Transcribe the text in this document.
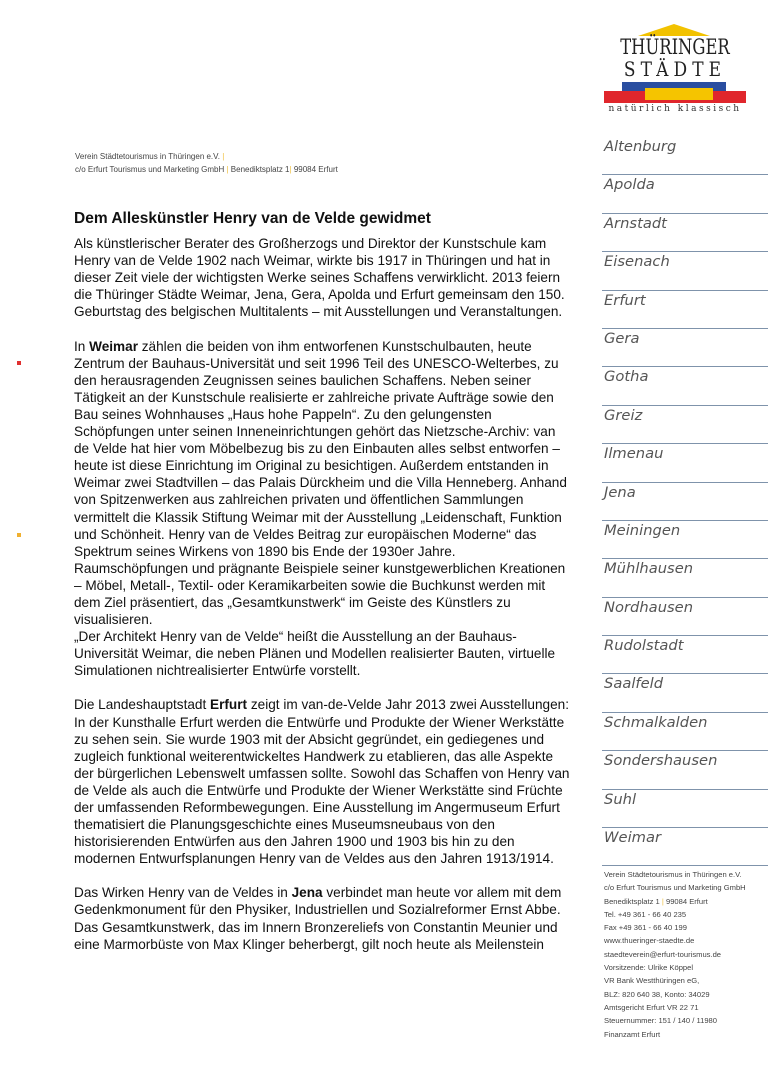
THÜRINGER
STÄDTE
natürlich klassisch
Verein Städtetourismus in Thüringen e.V. |
c/o Erfurt Tourismus und Marketing GmbH | Benediktsplatz 1| 99084 Erfurt
Dem Alleskünstler Henry van de Velde gewidmet

Als künstlerischer Berater des Großherzogs und Direktor der Kunstschule kam Henry van de Velde 1902 nach Weimar, wirkte bis 1917 in Thüringen und hat in dieser Zeit viele der wichtigsten Werke seines Schaffens verwirklicht. 2013 feiern die Thüringer Städte Weimar, Jena, Gera, Apolda und Erfurt gemeinsam den 150. Geburtstag des belgischen Multitalents – mit Ausstellungen und Veranstaltungen.

In Weimar zählen die beiden von ihm entworfenen Kunstschulbauten, heute Zentrum der Bauhaus-Universität und seit 1996 Teil des UNESCO-Welterbes, zu den herausragenden Zeugnissen seines baulichen Schaffens. Neben seiner Tätigkeit an der Kunstschule realisierte er zahlreiche private Aufträge sowie den Bau seines Wohnhauses „Haus hohe Pappeln“. Zu den gelungensten Schöpfungen unter seinen Inneneinrichtungen gehört das Nietzsche-Archiv: van de Velde hat hier vom Möbelbezug bis zu den Einbauten alles selbst entworfen – heute ist diese Einrichtung im Original zu besichtigen. Außerdem entstanden in Weimar zwei Stadtvillen – das Palais Dürckheim und die Villa Henneberg. Anhand von Spitzenwerken aus zahlreichen privaten und öffentlichen Sammlungen vermittelt die Klassik Stiftung Weimar mit der Ausstellung „Leidenschaft, Funktion und Schönheit. Henry van de Veldes Beitrag zur europäischen Moderne“ das Spektrum seines Wirkens von 1890 bis Ende der 1930er Jahre. Raumschöpfungen und prägnante Beispiele seiner kunstgewerblichen Kreationen – Möbel, Metall-, Textil- oder Keramikarbeiten sowie die Buchkunst werden mit dem Ziel präsentiert, das „Gesamtkunstwerk“ im Geiste des Künstlers zu visualisieren.
„Der Architekt Henry van de Velde“ heißt die Ausstellung an der Bauhaus-Universität Weimar, die neben Plänen und Modellen realisierter Bauten, virtuelle Simulationen nichtrealisierter Entwürfe vorstellt.

Die Landeshauptstadt Erfurt zeigt im van-de-Velde Jahr 2013 zwei Ausstellungen: In der Kunsthalle Erfurt werden die Entwürfe und Produkte der Wiener Werkstätte zu sehen sein. Sie wurde 1903 mit der Absicht gegründet, ein gediegenes und zugleich funktional weiterentwickeltes Handwerk zu etablieren, das alle Aspekte der bürgerlichen Lebenswelt umfassen sollte. Sowohl das Schaffen von Henry van de Velde als auch die Entwürfe und Produkte der Wiener Werkstätte sind Früchte der umfassenden Reformbewegungen. Eine Ausstellung im Angermuseum Erfurt thematisiert die Planungsgeschichte eines Museumsneubaus von den historisierenden Entwürfen aus den Jahren 1900 und 1903 bis hin zu den modernen Entwurfsplanungen Henry van de Veldes aus den Jahren 1913/1914.

Das Wirken Henry van de Veldes in Jena verbindet man heute vor allem mit dem Gedenkmonument für den Physiker, Industriellen und Sozialreformer Ernst Abbe. Das Gesamtkunstwerk, das im Innern Bronzereliefs von Constantin Meunier und eine Marmorbüste von Max Klinger beherbergt, gilt noch heute als Meilenstein

Altenburg
Apolda
Arnstadt
Eisenach
Erfurt
Gera
Gotha
Greiz
Ilmenau
Jena
Meiningen
Mühlhausen
Nordhausen
Rudolstadt
Saalfeld
Schmalkalden
Sondershausen
Suhl
Weimar
Verein Städtetourismus in Thüringen e.V.
c/o Erfurt Tourismus und Marketing GmbH
Benediktsplatz 1 | 99084 Erfurt
Tel. +49 361 - 66 40 235
Fax +49 361 - 66 40 199
www.thueringer-staedte.de
staedteverein@erfurt-tourismus.de
Vorsitzende: Ulrike Köppel
VR Bank Westthüringen eG,
BLZ: 820 640 38, Konto: 34029
Amtsgericht Erfurt VR 22 71
Steuernummer: 151 / 140 / 11980
Finanzamt Erfurt
